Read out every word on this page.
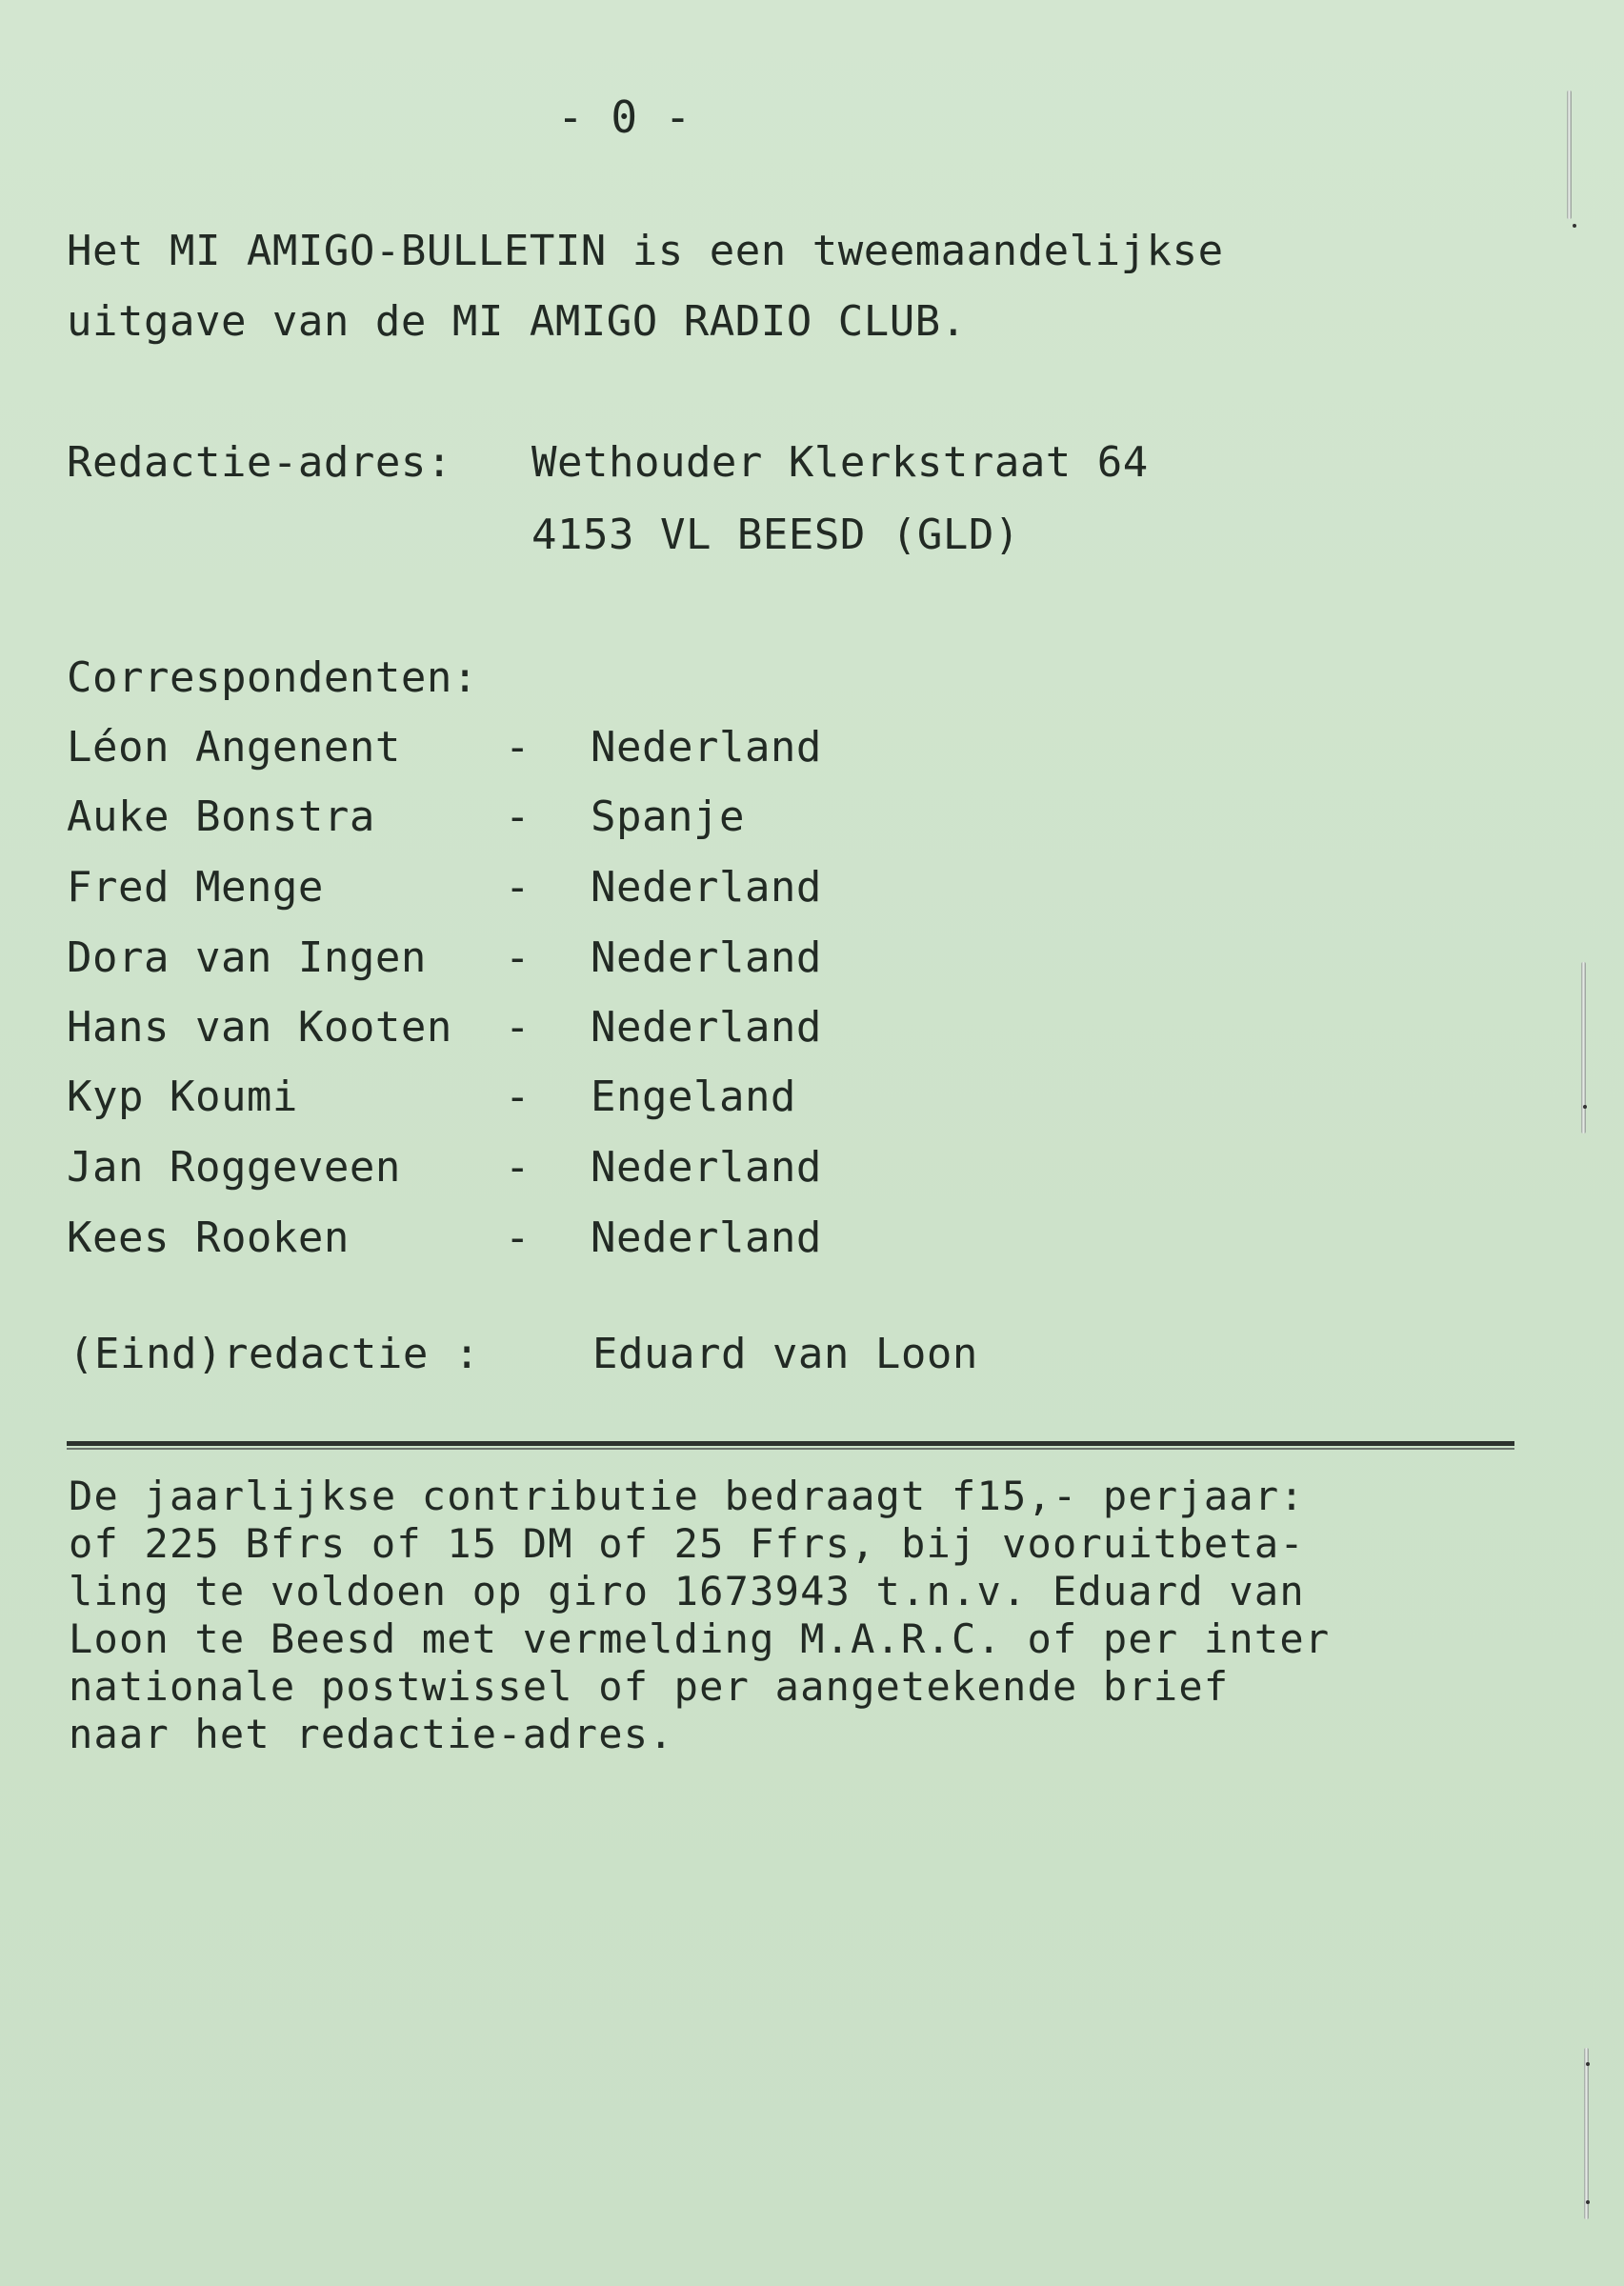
- 0 -
Het MI AMIGO-BULLETIN is een tweemaandelijkse
uitgave van de MI AMIGO RADIO CLUB.
Redactie-adres: Wethouder Klerkstraat 64
4153 VL BEESD (GLD)
Correspondenten:
Léon Angenent - Nederland
Auke Bonstra	- Spanje
Fred Menge	- Nederland
Dora van Ingen - Nederland
Hans van Kooten - Nederland
Kyp Koumi	- Engeland
Jan Roggeveen - Nederland
Kees Rooken	- Nederland
(Eind)redactie :	Eduard van Loon
De jaarlijkse contributie bedraagt f15,- perjaar:
of 225 Bfrs of 15 DM of 25 Ffrs, bij vooruitbeta-
ling te voldoen op giro 1673943 t.n.v. Eduard van
Loon te Beesd met vermelding M.A.R.C. of per inter
nationale postwissel of per aangetekende brief
naar het redactie-adres.
